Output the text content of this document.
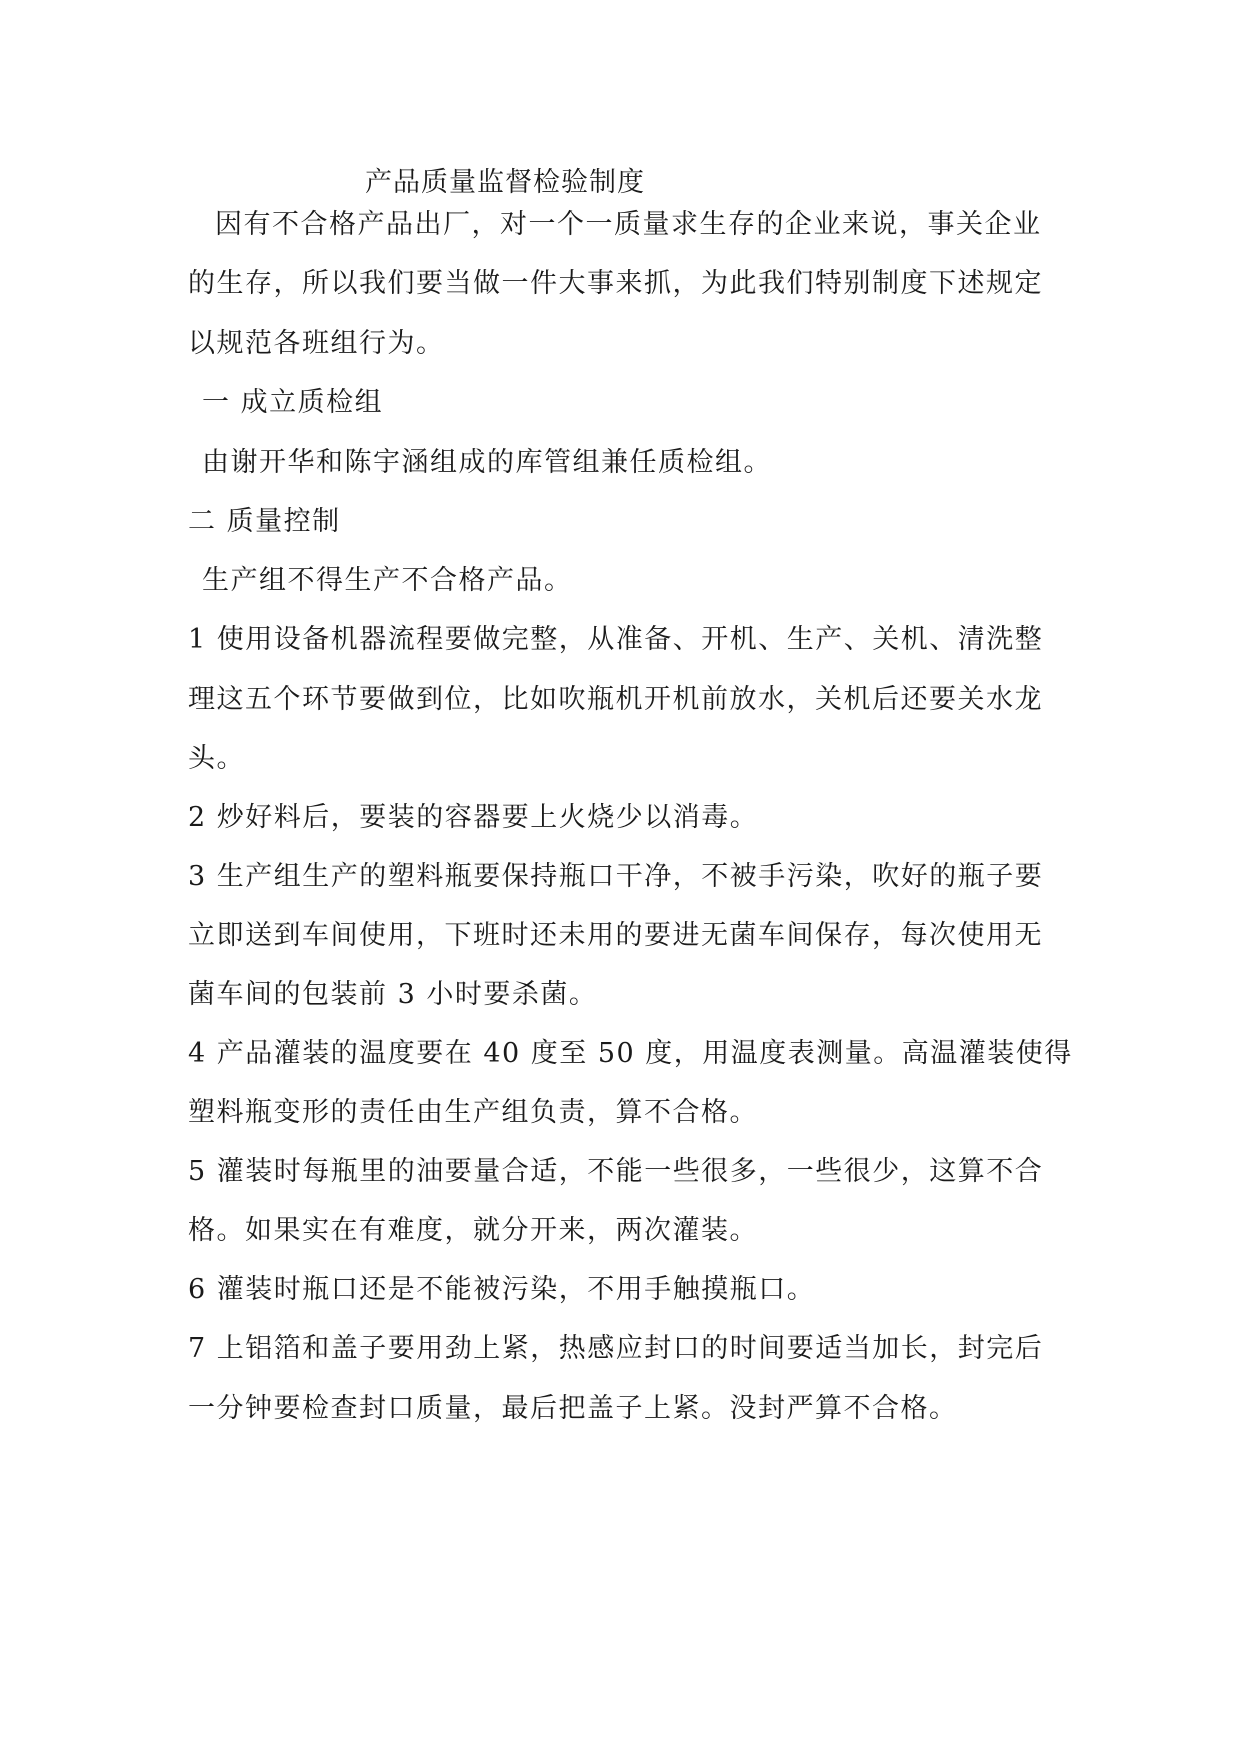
产品质量监督检验制度
因有不合格产品出厂，对一个一质量求生存的企业来说，事关企业
的生存，所以我们要当做一件大事来抓，为此我们特别制度下述规定
以规范各班组行为。
一 成立质检组
由谢开华和陈宇涵组成的库管组兼任质检组。
二 质量控制
生产组不得生产不合格产品。
1 使用设备机器流程要做完整，从准备、开机、生产、关机、清洗整
理这五个环节要做到位，比如吹瓶机开机前放水，关机后还要关水龙
头。
2 炒好料后，要装的容器要上火烧少以消毒。
3 生产组生产的塑料瓶要保持瓶口干净，不被手污染，吹好的瓶子要
立即送到车间使用，下班时还未用的要进无菌车间保存，每次使用无
菌车间的包装前 3 小时要杀菌。
4 产品灌装的温度要在 40 度至 50 度，用温度表测量。高温灌装使得
塑料瓶变形的责任由生产组负责，算不合格。
5 灌装时每瓶里的油要量合适，不能一些很多，一些很少，这算不合
格。如果实在有难度，就分开来，两次灌装。
6 灌装时瓶口还是不能被污染，不用手触摸瓶口。
7 上铝箔和盖子要用劲上紧，热感应封口的时间要适当加长，封完后
一分钟要检查封口质量，最后把盖子上紧。没封严算不合格。
